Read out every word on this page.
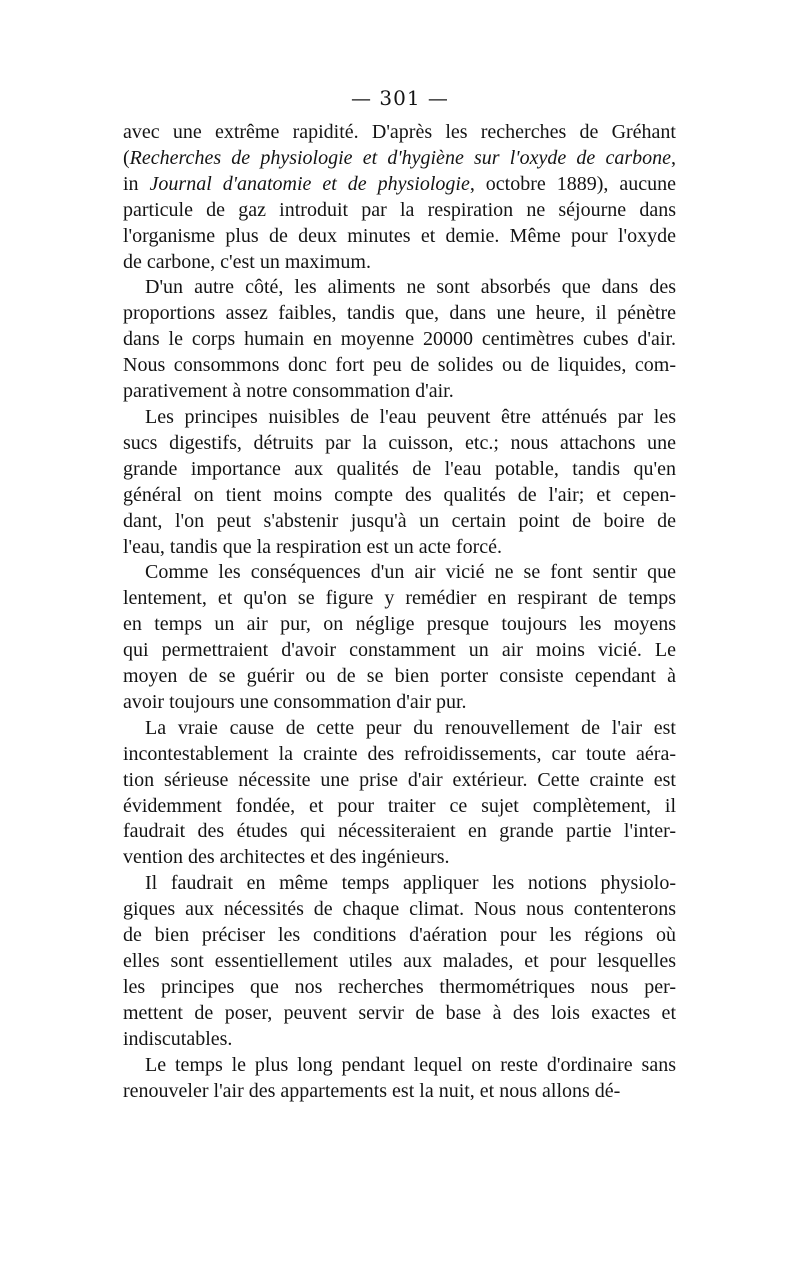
— 301 —
avec une extrême rapidité. D'après les recherches de Gréhant
(Recherches de physiologie et d'hygiène sur l'oxyde de carbone,
in Journal d'anatomie et de physiologie, octobre 1889), aucune
particule de gaz introduit par la respiration ne séjourne dans
l'organisme plus de deux minutes et demie. Même pour l'oxyde
de carbone, c'est un maximum.
D'un autre côté, les aliments ne sont absorbés que dans des
proportions assez faibles, tandis que, dans une heure, il pénètre
dans le corps humain en moyenne 20000 centimètres cubes d'air.
Nous consommons donc fort peu de solides ou de liquides, com-
parativement à notre consommation d'air.
Les principes nuisibles de l'eau peuvent être atténués par les
sucs digestifs, détruits par la cuisson, etc.; nous attachons une
grande importance aux qualités de l'eau potable, tandis qu'en
général on tient moins compte des qualités de l'air; et cepen-
dant, l'on peut s'abstenir jusqu'à un certain point de boire de
l'eau, tandis que la respiration est un acte forcé.
Comme les conséquences d'un air vicié ne se font sentir que
lentement, et qu'on se figure y remédier en respirant de temps
en temps un air pur, on néglige presque toujours les moyens
qui permettraient d'avoir constamment un air moins vicié. Le
moyen de se guérir ou de se bien porter consiste cependant à
avoir toujours une consommation d'air pur.
La vraie cause de cette peur du renouvellement de l'air est
incontestablement la crainte des refroidissements, car toute aéra-
tion sérieuse nécessite une prise d'air extérieur. Cette crainte est
évidemment fondée, et pour traiter ce sujet complètement, il
faudrait des études qui nécessiteraient en grande partie l'inter-
vention des architectes et des ingénieurs.
Il faudrait en même temps appliquer les notions physiolo-
giques aux nécessités de chaque climat. Nous nous contenterons
de bien préciser les conditions d'aération pour les régions où
elles sont essentiellement utiles aux malades, et pour lesquelles
les principes que nos recherches thermométriques nous per-
mettent de poser, peuvent servir de base à des lois exactes et
indiscutables.
Le temps le plus long pendant lequel on reste d'ordinaire sans
renouveler l'air des appartements est la nuit, et nous allons dé-
